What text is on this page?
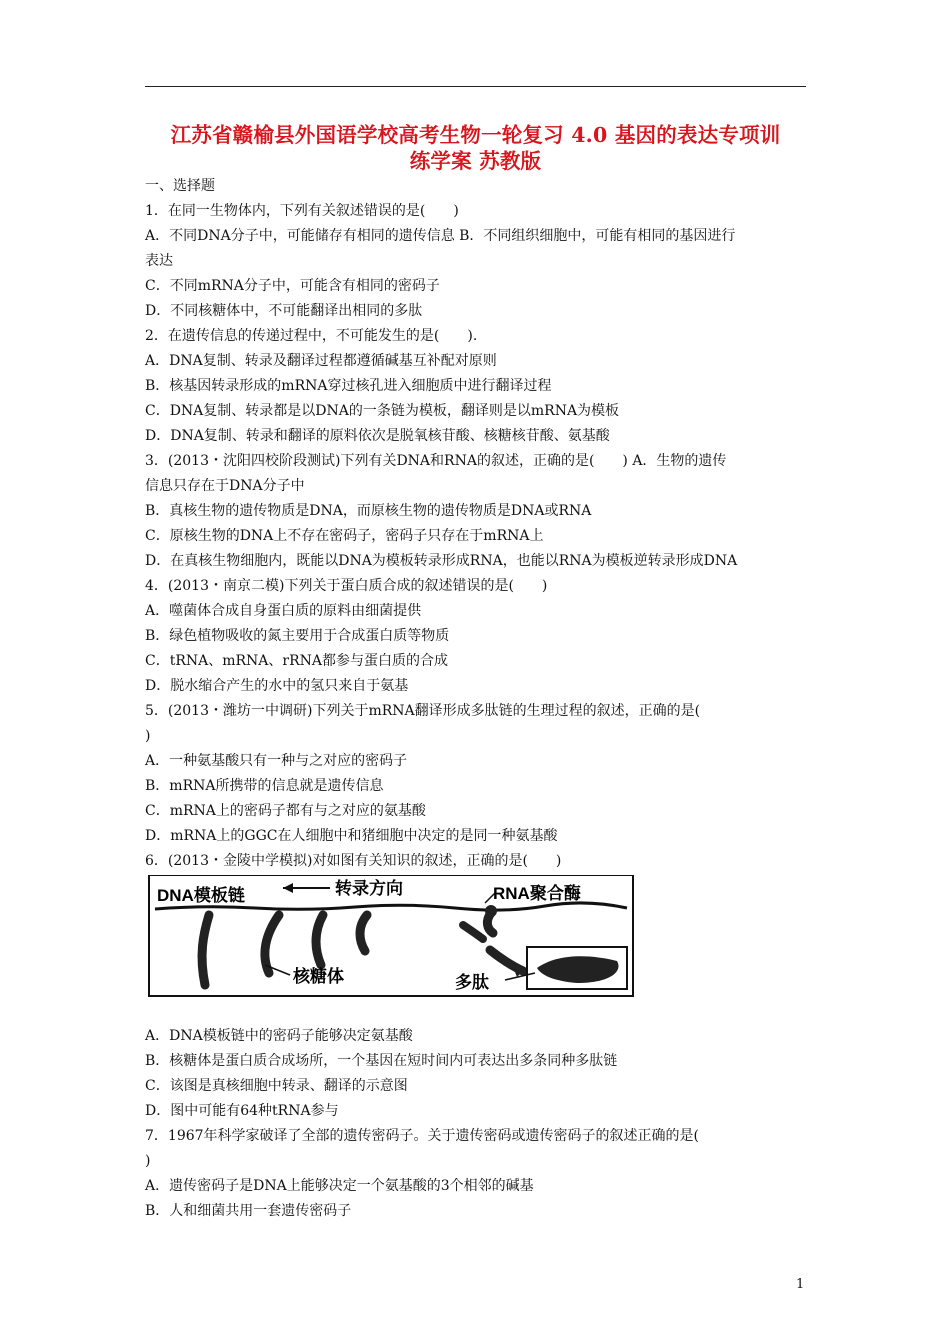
江苏省赣榆县外国语学校高考生物一轮复习 4.0 基因的表达专项训
练学案 苏教版
一、选择题
1．在同一生物体内，下列有关叙述错误的是(　　)
A．不同DNA分子中，可能储存有相同的遗传信息 B．不同组织细胞中，可能有相同的基因进行
表达
C．不同mRNA分子中，可能含有相同的密码子
D．不同核糖体中，不可能翻译出相同的多肽
2．在遗传信息的传递过程中，不可能发生的是(　　).
A．DNA复制、转录及翻译过程都遵循碱基互补配对原则
B．核基因转录形成的mRNA穿过核孔进入细胞质中进行翻译过程
C．DNA复制、转录都是以DNA的一条链为模板，翻译则是以mRNA为模板
D．DNA复制、转录和翻译的原料依次是脱氧核苷酸、核糖核苷酸、氨基酸
3．(2013・沈阳四校阶段测试)下列有关DNA和RNA的叙述，正确的是(　　) A．生物的遗传
信息只存在于DNA分子中
B．真核生物的遗传物质是DNA，而原核生物的遗传物质是DNA或RNA
C．原核生物的DNA上不存在密码子，密码子只存在于mRNA上
D．在真核生物细胞内，既能以DNA为模板转录形成RNA，也能以RNA为模板逆转录形成DNA
4．(2013・南京二模)下列关于蛋白质合成的叙述错误的是(　　)
A．噬菌体合成自身蛋白质的原料由细菌提供
B．绿色植物吸收的氮主要用于合成蛋白质等物质
C．tRNA、mRNA、rRNA都参与蛋白质的合成
D．脱水缩合产生的水中的氢只来自于氨基
5．(2013・潍坊一中调研)下列关于mRNA翻译形成多肽链的生理过程的叙述，正确的是(
)
A．一种氨基酸只有一种与之对应的密码子
B．mRNA所携带的信息就是遗传信息
C．mRNA上的密码子都有与之对应的氨基酸
D．mRNA上的GGC在人细胞中和猪细胞中决定的是同一种氨基酸
6．(2013・金陵中学模拟)对如图有关知识的叙述，正确的是(　　)
DNA模板链	转录方向	RNA聚合酶
核糖体	多肽
A．DNA模板链中的密码子能够决定氨基酸
B．核糖体是蛋白质合成场所，一个基因在短时间内可表达出多条同种多肽链
C．该图是真核细胞中转录、翻译的示意图
D．图中可能有64种tRNA参与
7．1967年科学家破译了全部的遗传密码子。关于遗传密码或遗传密码子的叙述正确的是(
)
A．遗传密码子是DNA上能够决定一个氨基酸的3个相邻的碱基
B．人和细菌共用一套遗传密码子
1
